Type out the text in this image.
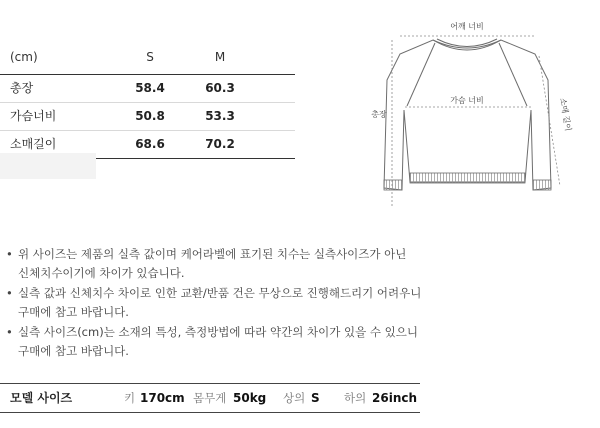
(cm)	S	M
총장	58.4	60.3
가슴너비	50.8	53.3
소매길이	68.6	70.2
어깨 너비
가슴 너비
총장	소매 길이
• 위 사이즈는 제품의 실측 값이며 케어라벨에 표기된 치수는 실측사이즈가 아닌
신체치수이기에 차이가 있습니다.
• 실측 값과 신체치수 차이로 인한 교환/반품 건은 무상으로 진행해드리기 어려우니
구매에 참고 바랍니다.
• 실측 사이즈(cm)는 소재의 특성, 측정방법에 따라 약간의 차이가 있을 수 있으니
구매에 참고 바랍니다.
모델 사이즈	키 170cm 몸무게 50kg 상의 S 하의 26inch
